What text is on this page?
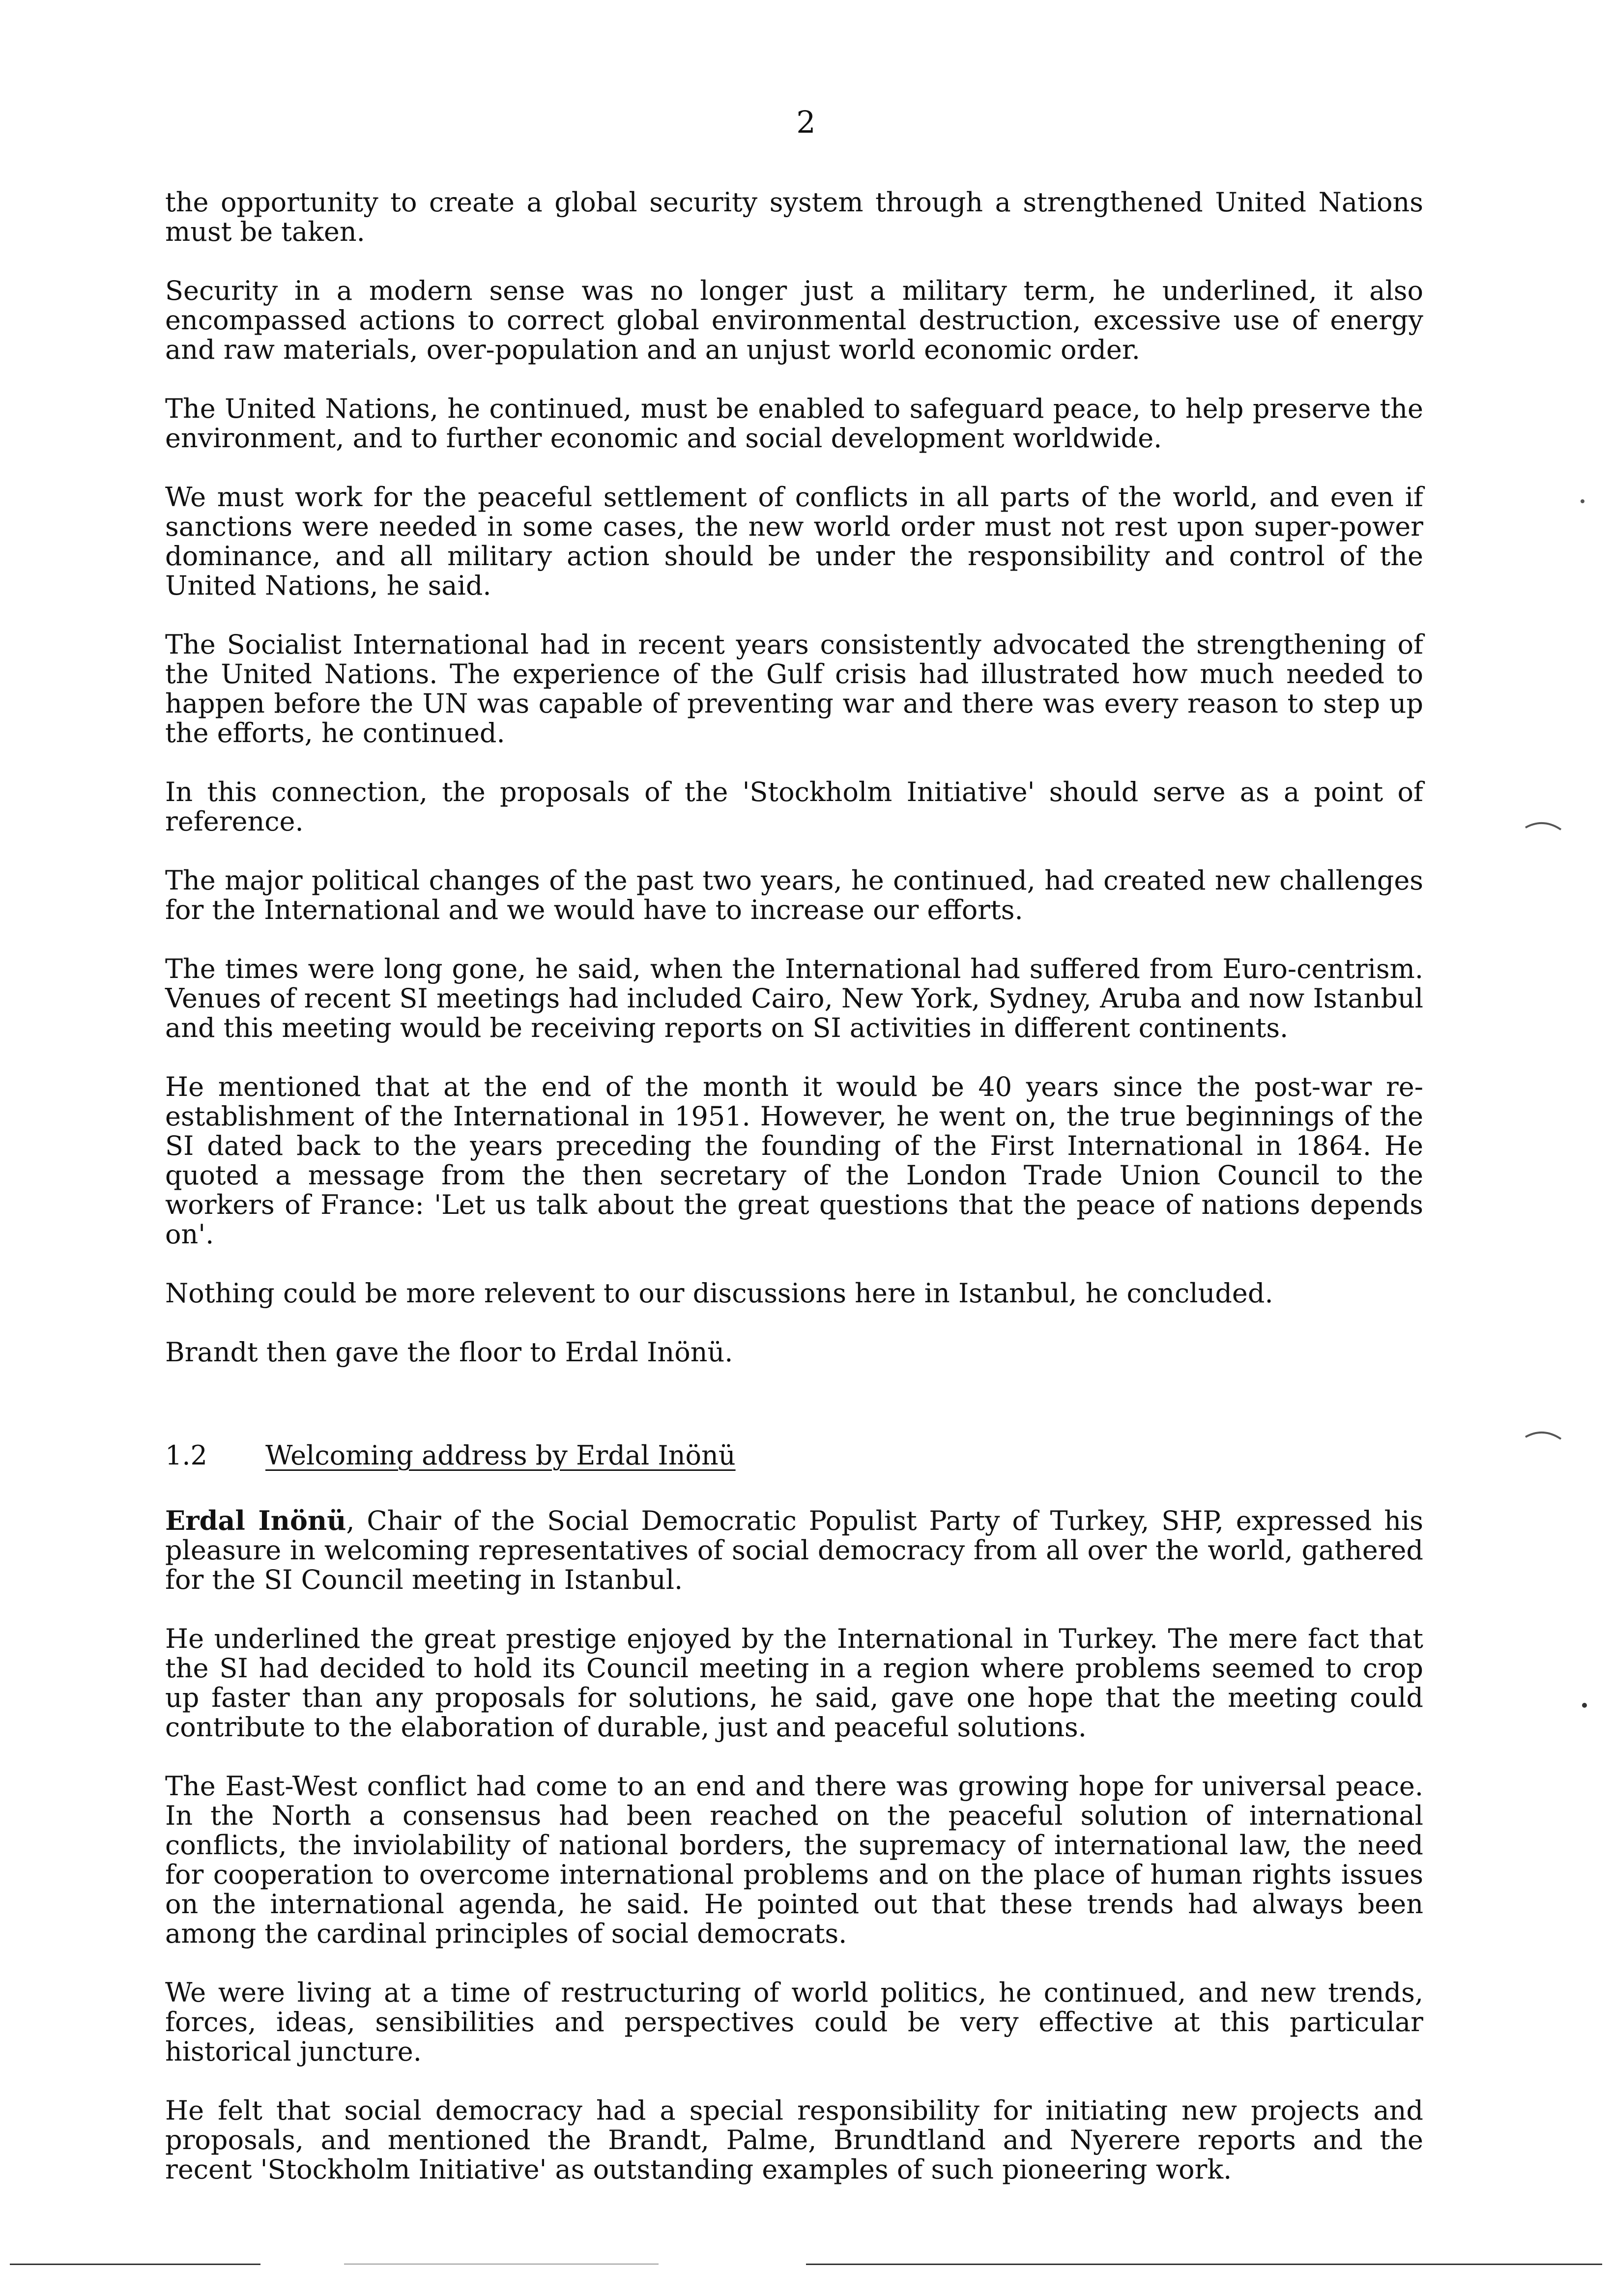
2

the opportunity to create a global security system through a strengthened United Nations must be taken.

Security in a modern sense was no longer just a military term, he underlined, it also encompassed actions to correct global environmental destruction, excessive use of energy and raw materials, over-population and an unjust world economic order.

The United Nations, he continued, must be enabled to safeguard peace, to help preserve the environment, and to further economic and social development worldwide.

We must work for the peaceful settlement of conflicts in all parts of the world, and even if sanctions were needed in some cases, the new world order must not rest upon super-power dominance, and all military action should be under the responsibility and control of the United Nations, he said.

The Socialist International had in recent years consistently advocated the strengthening of the United Nations. The experience of the Gulf crisis had illustrated how much needed to happen before the UN was capable of preventing war and there was every reason to step up the efforts, he continued.

In this connection, the proposals of the 'Stockholm Initiative' should serve as a point of reference.

The major political changes of the past two years, he continued, had created new challenges for the International and we would have to increase our efforts.

The times were long gone, he said, when the International had suffered from Euro-centrism. Venues of recent SI meetings had included Cairo, New York, Sydney, Aruba and now Istanbul and this meeting would be receiving reports on SI activities in different continents.

He mentioned that at the end of the month it would be 40 years since the post-war re-establishment of the International in 1951. However, he went on, the true beginnings of the SI dated back to the years preceding the founding of the First International in 1864. He quoted a message from the then secretary of the London Trade Union Council to the workers of France: 'Let us talk about the great questions that the peace of nations depends on'.

Nothing could be more relevent to our discussions here in Istanbul, he concluded.

Brandt then gave the floor to Erdal Inönü.

1.2	Welcoming address by Erdal Inönü

Erdal Inönü, Chair of the Social Democratic Populist Party of Turkey, SHP, expressed his pleasure in welcoming representatives of social democracy from all over the world, gathered for the SI Council meeting in Istanbul.

He underlined the great prestige enjoyed by the International in Turkey. The mere fact that the SI had decided to hold its Council meeting in a region where problems seemed to crop up faster than any proposals for solutions, he said, gave one hope that the meeting could contribute to the elaboration of durable, just and peaceful solutions.

The East-West conflict had come to an end and there was growing hope for universal peace. In the North a consensus had been reached on the peaceful solution of international conflicts, the inviolability of national borders, the supremacy of international law, the need for cooperation to overcome international problems and on the place of human rights issues on the international agenda, he said. He pointed out that these trends had always been among the cardinal principles of social democrats.

We were living at a time of restructuring of world politics, he continued, and new trends, forces, ideas, sensibilities and perspectives could be very effective at this particular historical juncture.

He felt that social democracy had a special responsibility for initiating new projects and proposals, and mentioned the Brandt, Palme, Brundtland and Nyerere reports and the recent 'Stockholm Initiative' as outstanding examples of such pioneering work.
